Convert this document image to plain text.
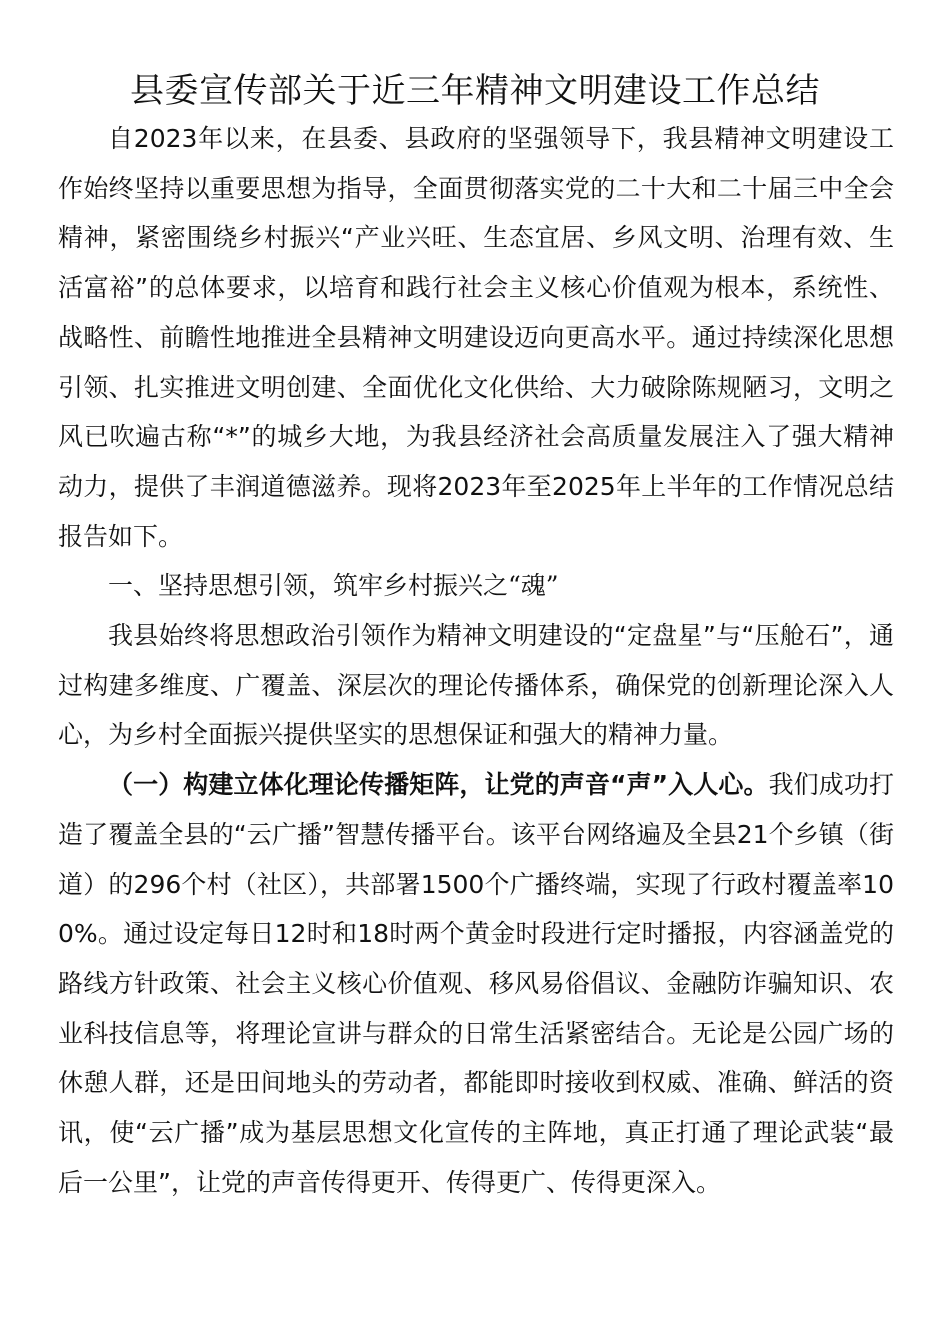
县委宣传部关于近三年精神文明建设工作总结

自2023年以来，在县委、县政府的坚强领导下，我县精神文明建设工作始终坚持以重要思想为指导，全面贯彻落实党的二十大和二十届三中全会精神，紧密围绕乡村振兴“产业兴旺、生态宜居、乡风文明、治理有效、生活富裕”的总体要求，以培育和践行社会主义核心价值观为根本，系统性、战略性、前瞻性地推进全县精神文明建设迈向更高水平。通过持续深化思想引领、扎实推进文明创建、全面优化文化供给、大力破除陈规陋习，文明之风已吹遍古称“*”的城乡大地，为我县经济社会高质量发展注入了强大精神动力，提供了丰润道德滋养。现将2023年至2025年上半年的工作情况总结报告如下。

一、坚持思想引领，筑牢乡村振兴之“魂”

我县始终将思想政治引领作为精神文明建设的“定盘星”与“压舱石”，通过构建多维度、广覆盖、深层次的理论传播体系，确保党的创新理论深入人心，为乡村全面振兴提供坚实的思想保证和强大的精神力量。

（一）构建立体化理论传播矩阵，让党的声音“声”入人心。我们成功打造了覆盖全县的“云广播”智慧传播平台。该平台网络遍及全县21个乡镇（街道）的296个村（社区），共部署1500个广播终端，实现了行政村覆盖率100%。通过设定每日12时和18时两个黄金时段进行定时播报，内容涵盖党的路线方针政策、社会主义核心价值观、移风易俗倡议、金融防诈骗知识、农业科技信息等，将理论宣讲与群众的日常生活紧密结合。无论是公园广场的休憩人群，还是田间地头的劳动者，都能即时接收到权威、准确、鲜活的资讯，使“云广播”成为基层思想文化宣传的主阵地，真正打通了理论武装“最后一公里”，让党的声音传得更开、传得更广、传得更深入。
